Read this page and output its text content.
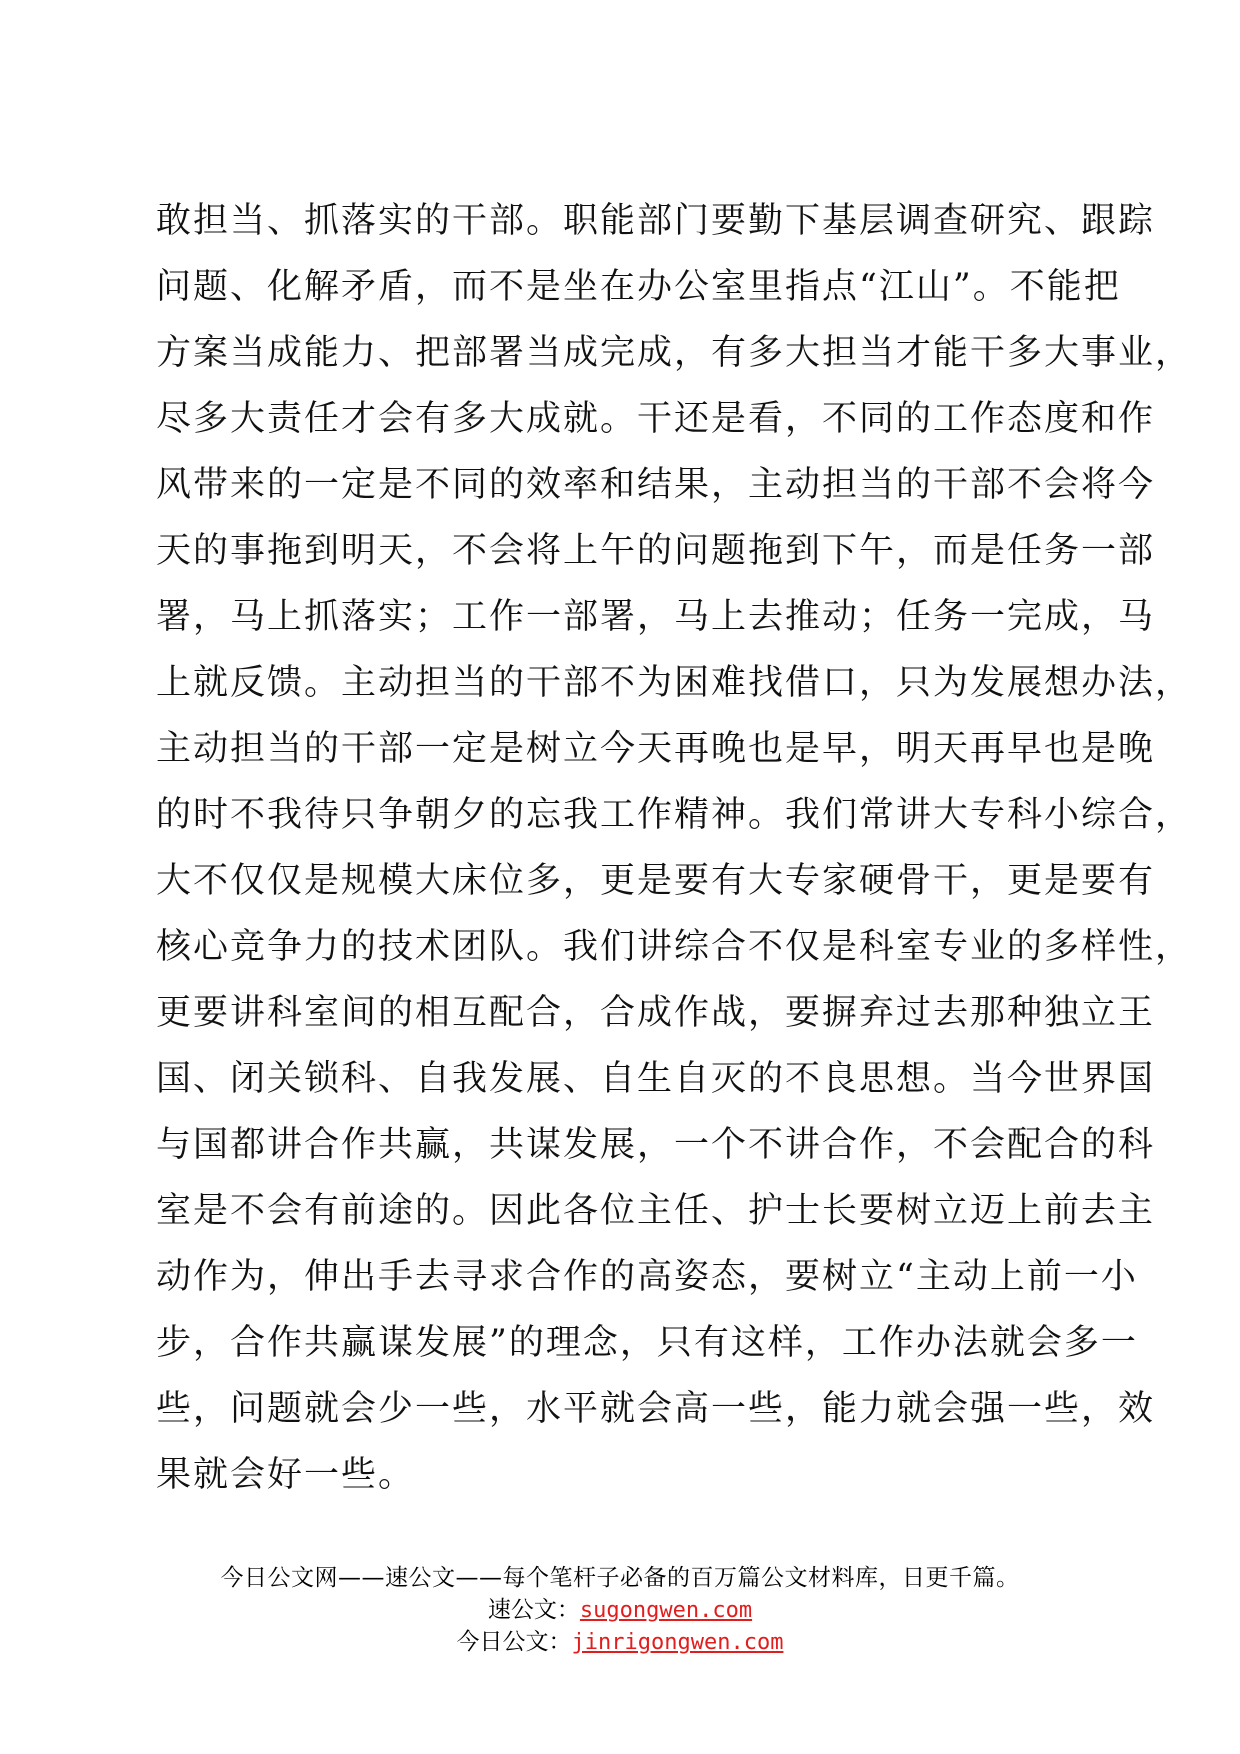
敢担当、抓落实的干部。职能部门要勤下基层调查研究、跟踪
问题、化解矛盾，而不是坐在办公室里指点“江山”。不能把
方案当成能力、把部署当成完成，有多大担当才能干多大事业，
尽多大责任才会有多大成就。干还是看，不同的工作态度和作
风带来的一定是不同的效率和结果，主动担当的干部不会将今
天的事拖到明天，不会将上午的问题拖到下午，而是任务一部
署，马上抓落实；工作一部署，马上去推动；任务一完成，马
上就反馈。主动担当的干部不为困难找借口，只为发展想办法，
主动担当的干部一定是树立今天再晚也是早，明天再早也是晚
的时不我待只争朝夕的忘我工作精神。我们常讲大专科小综合，
大不仅仅是规模大床位多，更是要有大专家硬骨干，更是要有
核心竞争力的技术团队。我们讲综合不仅是科室专业的多样性，
更要讲科室间的相互配合，合成作战，要摒弃过去那种独立王
国、闭关锁科、自我发展、自生自灭的不良思想。当今世界国
与国都讲合作共赢，共谋发展，一个不讲合作，不会配合的科
室是不会有前途的。因此各位主任、护士长要树立迈上前去主
动作为，伸出手去寻求合作的高姿态，要树立“主动上前一小
步，合作共赢谋发展”的理念，只有这样，工作办法就会多一
些，问题就会少一些，水平就会高一些，能力就会强一些，效
果就会好一些。
今日公文网——速公文——每个笔杆子必备的百万篇公文材料库，日更千篇。
速公文：sugongwen.com
今日公文：jinrigongwen.com
